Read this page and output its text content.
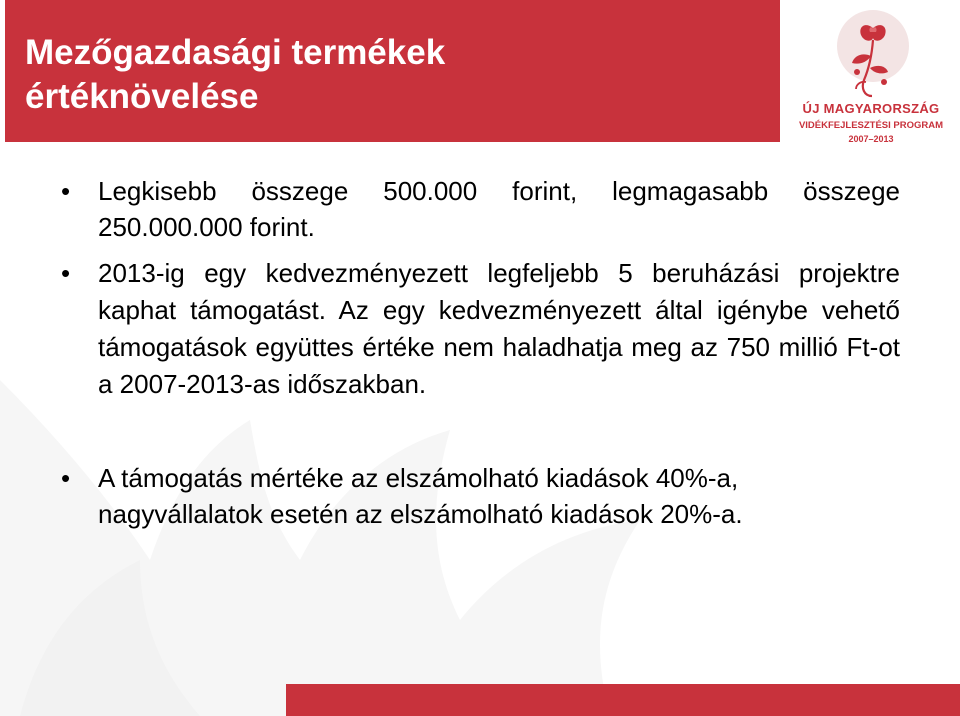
Mezőgazdasági termékek
értéknövelése	ÚJ MAGYARORSZÁG
VIDÉKFEJLESZTÉSI PROGRAM
2007–2013
• Legkisebb összege 500.000 forint, legmagasabb összege 250.000.000 forint.
• 2013-ig egy kedvezményezett legfeljebb 5 beruházási projektre kaphat támogatást. Az egy kedvezményezett által igénybe vehető támogatások együttes értéke nem haladhatja meg az 750 millió Ft-ot a 2007-2013-as időszakban.
• A támogatás mértéke az elszámolható kiadások 40%-a, nagyvállalatok esetén az elszámolható kiadások 20%-a.
